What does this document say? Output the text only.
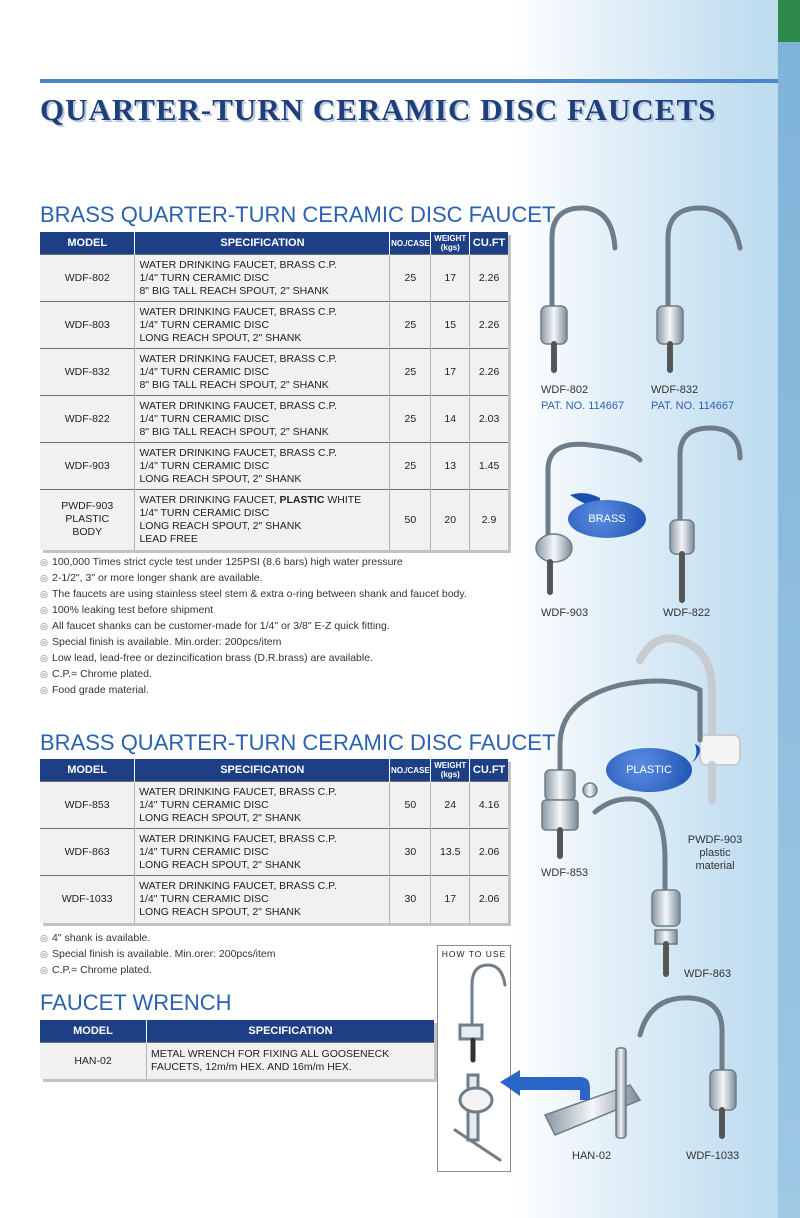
QUARTER-TURN CERAMIC DISC FAUCETS
BRASS QUARTER-TURN CERAMIC DISC FAUCET
MODEL	SPECIFICATION	NO./CASE	WEIGHT (kgs)	CU.FT
WDF-802	WATER DRINKING FAUCET, BRASS C.P.
1/4" TURN CERAMIC DISC
8" BIG TALL REACH SPOUT, 2" SHANK	25	17	2.26
WDF-803	WATER DRINKING FAUCET, BRASS C.P.
1/4" TURN CERAMIC DISC
LONG REACH SPOUT, 2" SHANK	25	15	2.26
WDF-832	WATER DRINKING FAUCET, BRASS C.P.
1/4" TURN CERAMIC DISC
8" BIG TALL REACH SPOUT, 2" SHANK	25	17	2.26
WDF-822	WATER DRINKING FAUCET, BRASS C.P.
1/4" TURN CERAMIC DISC
8" BIG TALL REACH SPOUT, 2" SHANK	25	14	2.03
WDF-903	WATER DRINKING FAUCET, BRASS C.P.
1/4" TURN CERAMIC DISC
LONG REACH SPOUT, 2" SHANK	25	13	1.45
PWDF-903
PLASTIC
BODY	WATER DRINKING FAUCET, PLASTIC WHITE
1/4" TURN CERAMIC DISC
LONG REACH SPOUT, 2" SHANK
LEAD FREE	50	20	2.9
◎ 100,000 Times strict cycle test under 125PSI (8.6 bars) high water pressure
◎ 2-1/2", 3" or more longer shank are available.
◎ The faucets are using stainless steel stem & extra o-ring between shank and faucet body.
◎ 100% leaking test before shipment
◎ All faucet shanks can be customer-made for 1/4" or 3/8" E-Z quick fitting.
◎ Special finish is available. Min.order: 200pcs/item
◎ Low lead, lead-free or dezincification brass (D.R.brass) are available.
◎ C.P.= Chrome plated.
◎ Food grade material.
BRASS QUARTER-TURN CERAMIC DISC FAUCET
MODEL	SPECIFICATION	NO./CASE	WEIGHT (kgs)	CU.FT
WDF-853	WATER DRINKING FAUCET, BRASS C.P.
1/4" TURN CERAMIC DISC
LONG REACH SPOUT, 2" SHANK	50	24	4.16
WDF-863	WATER DRINKING FAUCET, BRASS C.P.
1/4" TURN CERAMIC DISC
LONG REACH SPOUT, 2" SHANK	30	13.5	2.06
WDF-1033	WATER DRINKING FAUCET, BRASS C.P.
1/4" TURN CERAMIC DISC
LONG REACH SPOUT, 2" SHANK	30	17	2.06
◎ 4" shank is available.
◎ Special finish is available. Min.orer: 200pcs/item
◎ C.P.= Chrome plated.
FAUCET WRENCH
MODEL	SPECIFICATION
HAN-02	METAL WRENCH FOR FIXING ALL GOOSENECK
FAUCETS, 12m/m HEX. AND 16m/m HEX.
HOW TO USE
WDF-802
PAT. NO. 114667
WDF-832
PAT. NO. 114667
BRASS
WDF-903	WDF-822
PLASTIC
PWDF-903
plastic
material
WDF-853
WDF-863
HAN-02	WDF-1033
